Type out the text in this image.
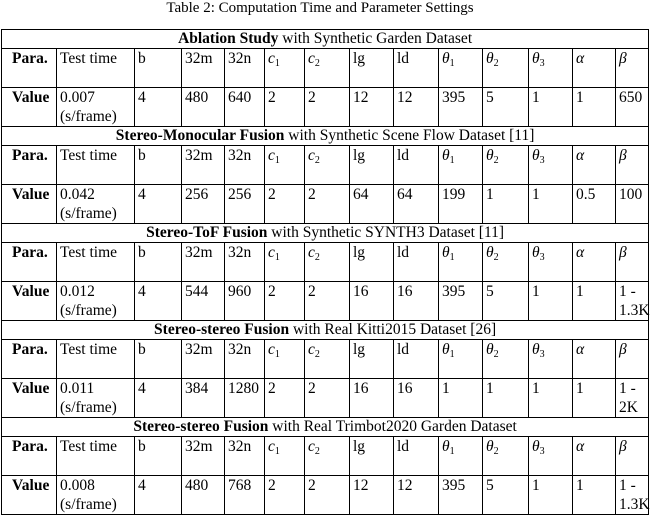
Table 2: Computation Time and Parameter Settings
Ablation Study with Synthetic Garden Dataset													
Para.	Test time	b	32m	32n	$c_1$	$c_2$	lg	ld	$\theta_1$	$\theta_2$	$\theta_3$	α	β
Value	0.007 (s/frame)	4	480	640	2	2	12	12	395	5	1	1	650
Stereo-Monocular Fusion with Synthetic Scene Flow Dataset [11]													
Para.	Test time	b	32m	32n	$c_1$	$c_2$	lg	ld	$\theta_1$	$\theta_2$	$\theta_3$	α	β
Value	0.042 (s/frame)	4	256	256	2	2	64	64	199	1	1	0.5	100
Stereo-ToF Fusion with Synthetic SYNTH3 Dataset [11]													
Para.	Test time	b	32m	32n	$c_1$	$c_2$	lg	ld	$\theta_1$	$\theta_2$	$\theta_3$	α	β
Value	0.012 (s/frame)	4	544	960	2	2	16	16	395	5	1	1	1 - 1.3K
Stereo-stereo Fusion with Real Kitti2015 Dataset [26]													
Para.	Test time	b	32m	32n	$c_1$	$c_2$	lg	ld	$\theta_1$	$\theta_2$	$\theta_3$	α	β
Value	0.011 (s/frame)	4	384	1280	2	2	16	16	1	1	1	1	1 - 2K
Stereo-stereo Fusion with Real Trimbot2020 Garden Dataset													
Para.	Test time	b	32m	32n	$c_1$	$c_2$	lg	ld	$\theta_1$	$\theta_2$	$\theta_3$	α	β
Value	0.008 (s/frame)	4	480	768	2	2	12	12	395	5	1	1	1 - 1.3K
